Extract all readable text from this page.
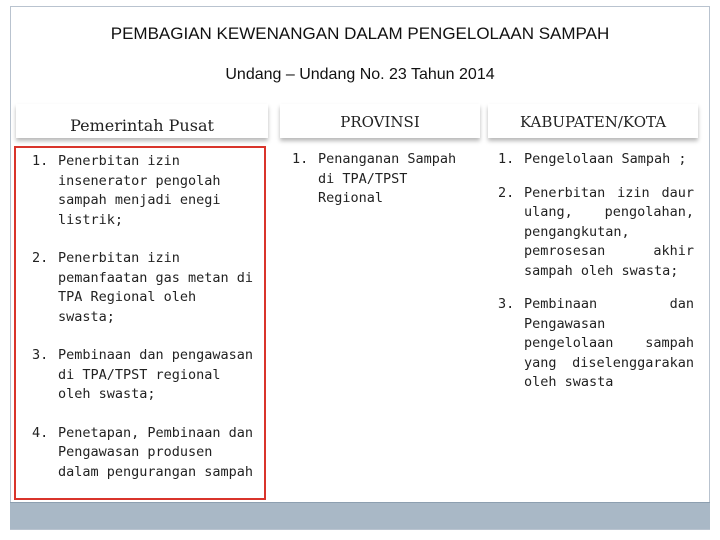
PEMBAGIAN KEWENANGAN DALAM PENGELOLAAN SAMPAH
Undang – Undang No. 23 Tahun 2014
Pemerintah Pusat
1. Penerbitan izin insenerator pengolah sampah menjadi enegi listrik;
2. Penerbitan izin pemanfaatan gas metan di TPA Regional oleh swasta;
3. Pembinaan dan pengawasan di TPA/TPST regional oleh swasta;
4. Penetapan, Pembinaan dan Pengawasan produsen dalam pengurangan sampah
PROVINSI
1. Penanganan Sampah di TPA/TPST Regional
KABUPATEN/KOTA
1. Pengelolaan Sampah ;
2. Penerbitan izin daur ulang, pengolahan, pengangkutan, pemrosesan akhir sampah oleh swasta;
3. Pembinaan dan Pengawasan pengelolaan sampah yang diselenggarakan oleh swasta
